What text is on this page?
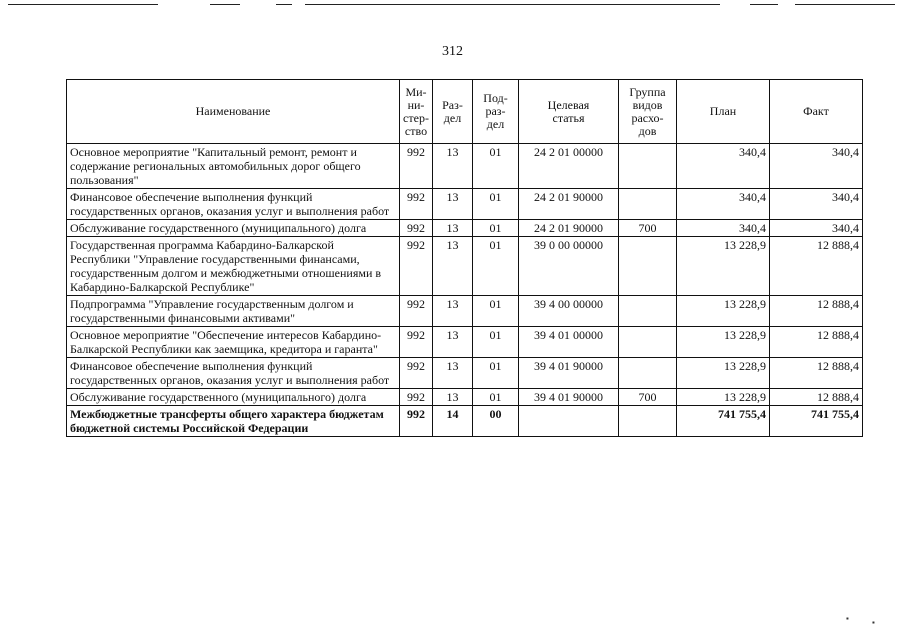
312
Наименование	Ми-
ни-
стер-
ство	Раз-
дел	Под-
раз-
дел	Целевая
статья	Группа
видов
расхо-
дов	План	Факт
Основное мероприятие "Капитальный ремонт, ремонт и содержание региональных автомобильных дорог общего пользования"	992	13	01	24 2 01 00000		340,4	340,4
Финансовое обеспечение выполнения функций государственных органов, оказания услуг и выполнения работ	992	13	01	24 2 01 90000		340,4	340,4
Обслуживание государственного (муниципального) долга	992	13	01	24 2 01 90000	700	340,4	340,4
Государственная программа Кабардино-Балкарской Республики "Управление государственными финансами, государственным долгом и межбюджетными отношениями в Кабардино-Балкарской Республике"	992	13	01	39 0 00 00000		13 228,9	12 888,4
Подпрограмма "Управление государственным долгом и государственными финансовыми активами"	992	13	01	39 4 00 00000		13 228,9	12 888,4
Основное мероприятие "Обеспечение интересов Кабардино-Балкарской Республики как заемщика, кредитора и гаранта"	992	13	01	39 4 01 00000		13 228,9	12 888,4
Финансовое обеспечение выполнения функций государственных органов, оказания услуг и выполнения работ	992	13	01	39 4 01 90000		13 228,9	12 888,4
Обслуживание государственного (муниципального) долга	992	13	01	39 4 01 90000	700	13 228,9	12 888,4
Межбюджетные трансферты общего характера бюджетам бюджетной системы Российской Федерации	992	14	00			741 755,4	741 755,4
▪	▪
